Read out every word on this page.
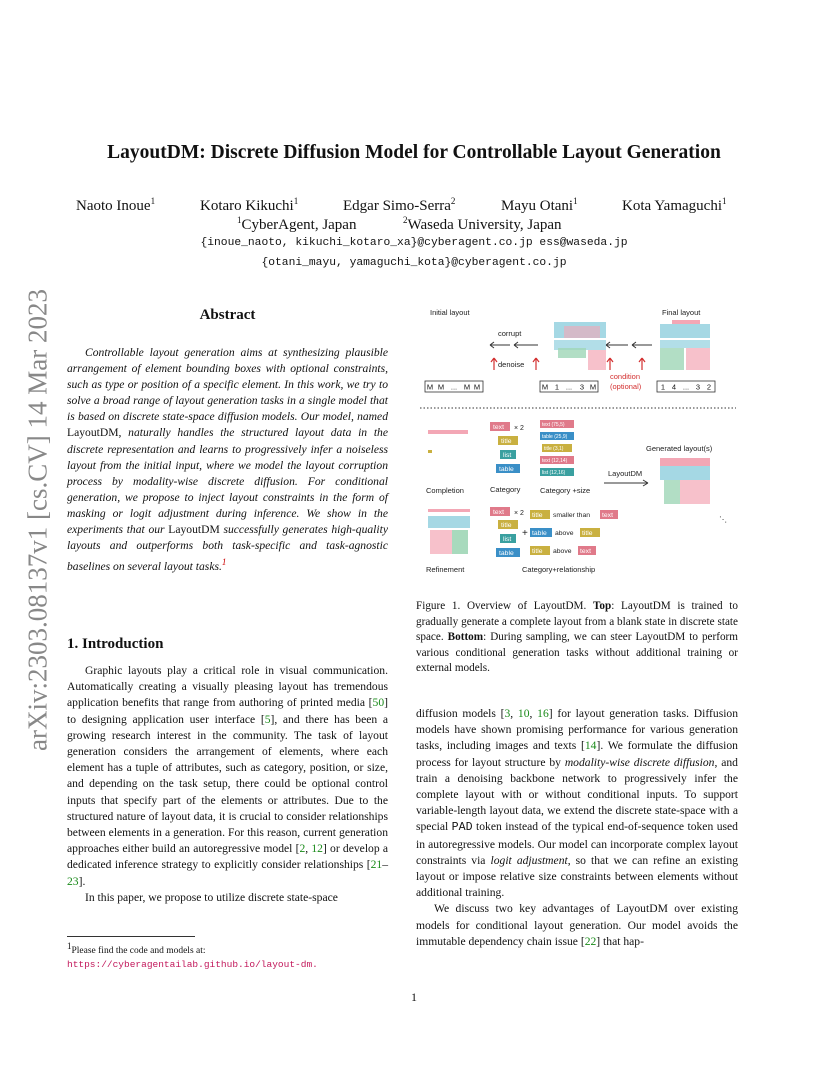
arXiv:2303.08137v1 [cs.CV] 14 Mar 2023
LayoutDM: Discrete Diffusion Model for Controllable Layout Generation
Naoto Inoue$^1$	Kotaro Kikuchi$^1$	Edgar Simo-Serra$^2$	Mayu Otani$^1$	Kota Yamaguchi$^1$
$^1$CyberAgent, Japan	$^2$Waseda University, Japan
{inoue_naoto, kikuchi_kotaro_xa}@cyberagent.co.jp ess@waseda.jp
{otani_mayu, yamaguchi_kota}@cyberagent.co.jp
Abstract
Controllable layout generation aims at synthesizing plausible arrangement of element bounding boxes with optional constraints, such as type or position of a specific element. In this work, we try to solve a broad range of layout generation tasks in a single model that is based on discrete state-space diffusion models. Our model, named LayoutDM, naturally handles the structured layout data in the discrete representation and learns to progressively infer a noiseless layout from the initial input, where we model the layout corruption process by modality-wise discrete diffusion. For conditional generation, we propose to inject layout constraints in the form of masking or logit adjustment during inference. We show in the experiments that our LayoutDM successfully generates high-quality layouts and outperforms both task-specific and task-agnostic baselines on several layout tasks.$^1$
1. Introduction

Graphic layouts play a critical role in visual communication. Automatically creating a visually pleasing layout has tremendous application benefits that range from authoring of printed media [50] to designing application user interface [5], and there has been a growing research interest in the community. The task of layout generation considers the arrangement of elements, where each element has a tuple of attributes, such as category, position, or size, and depending on the task setup, there could be optional control inputs that specify part of the elements or attributes. Due to the structured nature of layout data, it is crucial to consider relationships between elements in a generation. For this reason, current generation approaches either build an autoregressive model [2, 12] or develop a dedicated inference strategy to explicitly consider relationships [21–23].

In this paper, we propose to utilize discrete state-space

$^1$Please find the code and models at:
https://cyberagentailab.github.io/layout-dm.
1
Initial layout	Final layout
corrupt
denoise
condition
(optional)
M M ... M M	M 1 ... 3 M	1 4 ... 3 2
text × 2
title
list
table
text (75,5)
table (25,9)
title (3,1)
text (12,14)
list (12,16)
Completion	Category	Category +size
Generated layout(s)
LayoutDM
⋱
text × 2
title
list
table
+
title smaller than text
table above title
title above text
Refinement	Category+relationship
Figure 1. Overview of LayoutDM. Top: LayoutDM is trained to gradually generate a complete layout from a blank state in discrete state space. Bottom: During sampling, we can steer LayoutDM to perform various conditional generation tasks without additional training or external models.

diffusion models [3, 10, 16] for layout generation tasks. Diffusion models have shown promising performance for various generation tasks, including images and texts [14]. We formulate the diffusion process for layout structure by modality-wise discrete diffusion, and train a denoising backbone network to progressively infer the complete layout with or without conditional inputs. To support variable-length layout data, we extend the discrete state-space with a special PAD token instead of the typical end-of-sequence token used in autoregressive models. Our model can incorporate complex layout constraints via logit adjustment, so that we can refine an existing layout or impose relative size constraints between elements without additional training.

We discuss two key advantages of LayoutDM over existing models for conditional layout generation. Our model avoids the immutable dependency chain issue [22] that hap-
